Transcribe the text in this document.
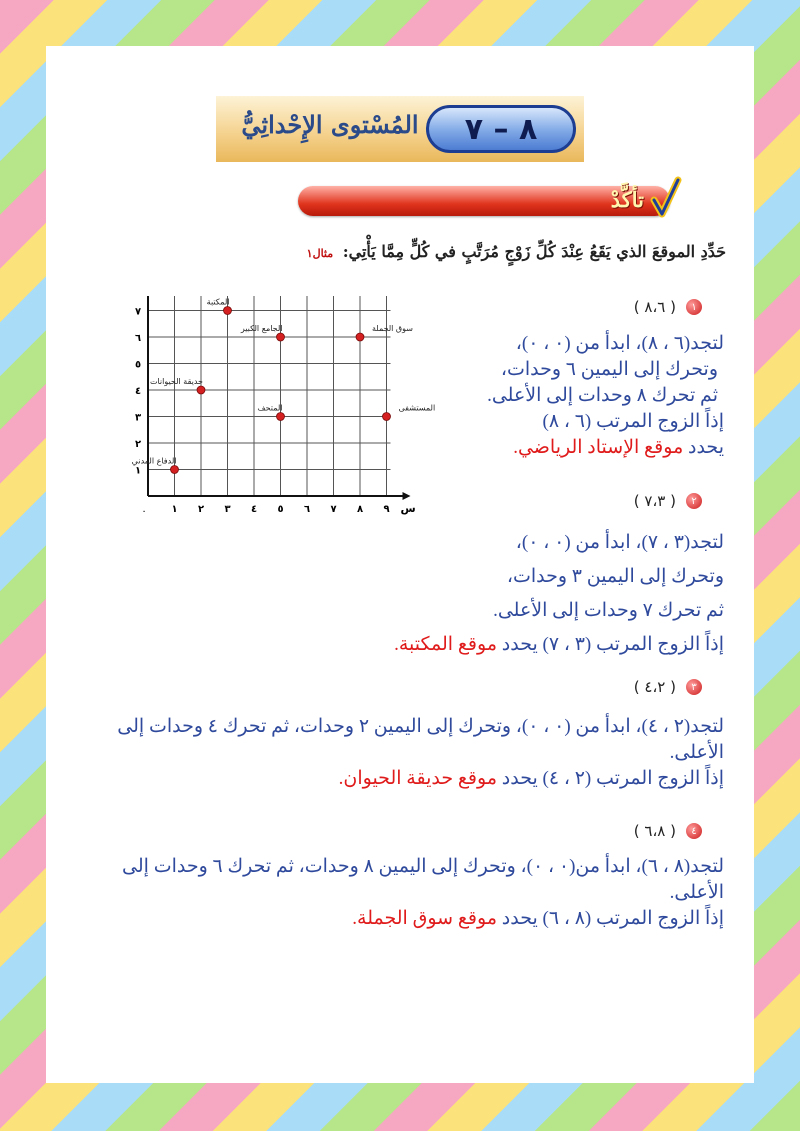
المُسْتوى الإِحْداثِيُّ	٨ – ٧
تأكَّدْ
حَدِّدِ الموقعَ الذي يَقَعُ عِنْدَ كُلِّ زَوْجٍ مُرَتَّبٍ في كُلٍّ مِمَّا يَأْتِي: مثال١
س
٠ ١ ٢ ٣ ٤ ٥ ٦ ٧ ٨ ٩
١
٢
٣
٤
٥
٦
٧
المكتبة
الجامع الكبير	سوق الجملة
حديقة الحيوانات
المتحف	المستشفى
الدفاع المدني
١
( ٨،٦ )

لتجد(٦ ، ٨)، ابدأ من (٠ ، ٠)،

وتحرك إلى اليمين ٦ وحدات،

ثم تحرك ٨ وحدات إلى الأعلى.

إذاً الزوج المرتب (٦ ، ٨)

يحدد موقع الإستاد الرياضي.

٢
( ٧،٣ )

لتجد(٣ ، ٧)، ابدأ من (٠ ، ٠)،

وتحرك إلى اليمين ٣ وحدات،

ثم تحرك ٧ وحدات إلى الأعلى.

إذاً الزوج المرتب (٣ ، ٧) يحدد موقع المكتبة.

٣
( ٤،٢ )

لتجد(٢ ، ٤)، ابدأ من (٠ ، ٠)، وتحرك إلى اليمين ٢ وحدات، ثم تحرك ٤ وحدات إلى الأعلى.

إذاً الزوج المرتب (٢ ، ٤) يحدد موقع حديقة الحيوان.

٤
( ٦،٨ )

لتجد(٨ ، ٦)، ابدأ من(٠ ، ٠)، وتحرك إلى اليمين ٨ وحدات، ثم تحرك ٦ وحدات إلى الأعلى.

إذاً الزوج المرتب (٨ ، ٦) يحدد موقع سوق الجملة.
